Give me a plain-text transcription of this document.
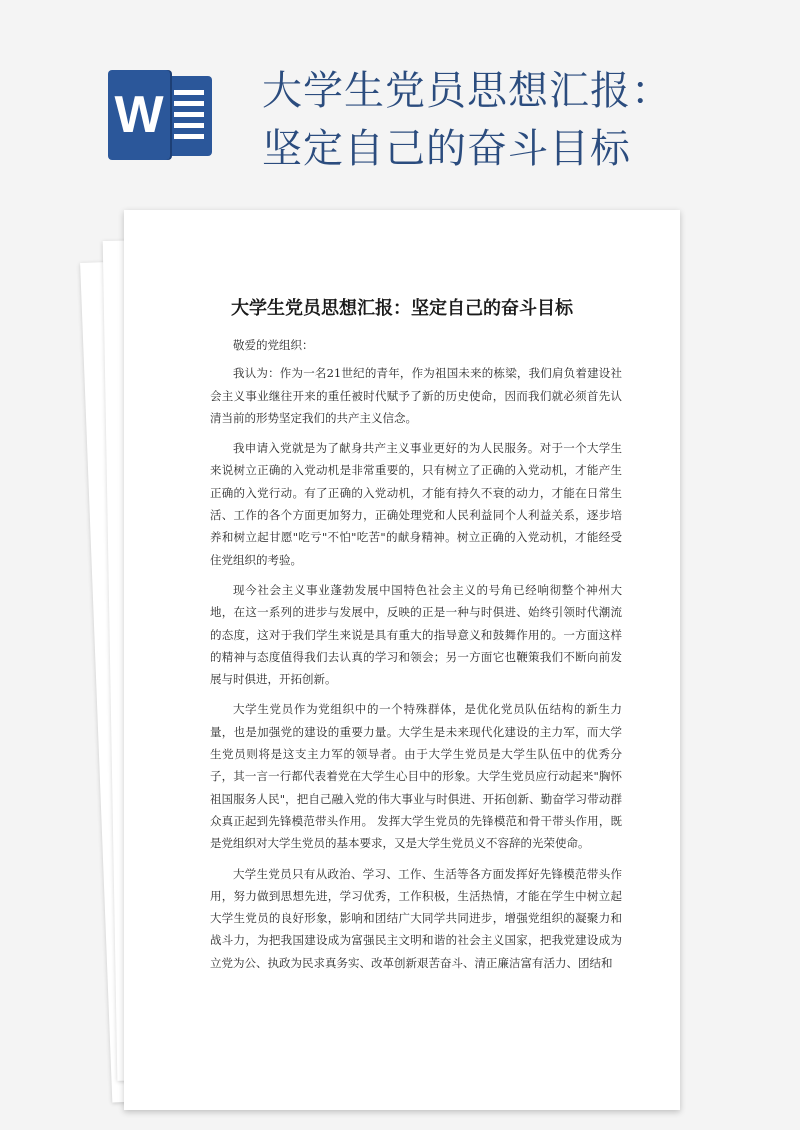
W 大学生党员思想汇报：
坚定自己的奋斗目标
大学生党员思想汇报：坚定自己的奋斗目标

敬爱的党组织：

我认为：作为一名21世纪的青年，作为祖国未来的栋梁，我们肩负着建设社会主义事业继往开来的重任被时代赋予了新的历史使命，因而我们就必须首先认清当前的形势坚定我们的共产主义信念。

我申请入党就是为了献身共产主义事业更好的为人民服务。对于一个大学生来说树立正确的入党动机是非常重要的，只有树立了正确的入党动机，才能产生正确的入党行动。有了正确的入党动机，才能有持久不衰的动力，才能在日常生活、工作的各个方面更加努力，正确处理党和人民利益同个人利益关系，逐步培养和树立起甘愿"吃亏"不怕"吃苦"的献身精神。树立正确的入党动机，才能经受住党组织的考验。

现今社会主义事业蓬勃发展中国特色社会主义的号角已经响彻整个神州大地，在这一系列的进步与发展中，反映的正是一种与时俱进、始终引领时代潮流的态度，这对于我们学生来说是具有重大的指导意义和鼓舞作用的。一方面这样的精神与态度值得我们去认真的学习和领会；另一方面它也鞭策我们不断向前发展与时俱进，开拓创新。

大学生党员作为党组织中的一个特殊群体，是优化党员队伍结构的新生力量，也是加强党的建设的重要力量。大学生是未来现代化建设的主力军，而大学生党员则将是这支主力军的领导者。由于大学生党员是大学生队伍中的优秀分子，其一言一行都代表着党在大学生心目中的形象。大学生党员应行动起来"胸怀祖国服务人民"，把自己融入党的伟大事业与时俱进、开拓创新、勤奋学习带动群众真正起到先锋模范带头作用。 发挥大学生党员的先锋模范和骨干带头作用，既是党组织对大学生党员的基本要求，又是大学生党员义不容辞的光荣使命。

大学生党员只有从政治、学习、工作、生活等各方面发挥好先锋模范带头作用，努力做到思想先进，学习优秀，工作积极，生活热情，才能在学生中树立起大学生党员的良好形象，影响和团结广大同学共同进步，增强党组织的凝聚力和战斗力，为把我国建设成为富强民主文明和谐的社会主义国家，把我党建设成为立党为公、执政为民求真务实、改革创新艰苦奋斗、清正廉洁富有活力、团结和
